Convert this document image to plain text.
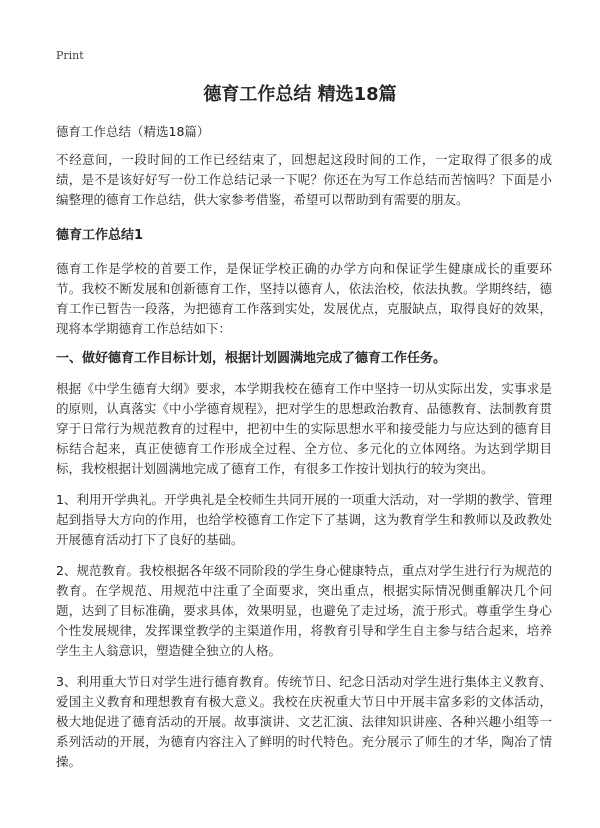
Print
德育工作总结 精选18篇
德育工作总结（精选18篇）

不经意间，一段时间的工作已经结束了，回想起这段时间的工作，一定取得了很多的成绩，是不是该好好写一份工作总结记录一下呢？你还在为写工作总结而苦恼吗？下面是小编整理的德育工作总结，供大家参考借鉴，希望可以帮助到有需要的朋友。

德育工作总结1

德育工作是学校的首要工作，是保证学校正确的办学方向和保证学生健康成长的重要环节。我校不断发展和创新德育工作，坚持以德育人，依法治校，依法执教。学期终结，德育工作已暂告一段落，为把德育工作落到实处，发展优点，克服缺点，取得良好的效果，现将本学期德育工作总结如下：

一、做好德育工作目标计划，根据计划圆满地完成了德育工作任务。

根据《中学生德育大纲》要求，本学期我校在德育工作中坚持一切从实际出发，实事求是的原则，认真落实《中小学德育规程》，把对学生的思想政治教育、品德教育、法制教育贯穿于日常行为规范教育的过程中，把初中生的实际思想水平和接受能力与应达到的德育目标结合起来，真正使德育工作形成全过程、全方位、多元化的立体网络。为达到学期目标，我校根据计划圆满地完成了德育工作，有很多工作按计划执行的较为突出。

1、利用开学典礼。开学典礼是全校师生共同开展的一项重大活动，对一学期的教学、管理起到指导大方向的作用，也给学校德育工作定下了基调，这为教育学生和教师以及政教处开展德育活动打下了良好的基础。

2、规范教育。我校根据各年级不同阶段的学生身心健康特点，重点对学生进行行为规范的教育。在学规范、用规范中注重了全面要求，突出重点，根据实际情况侧重解决几个问题，达到了目标准确，要求具体，效果明显，也避免了走过场，流于形式。尊重学生身心个性发展规律，发挥课堂教学的主渠道作用，将教育引导和学生自主参与结合起来，培养学生主人翁意识，塑造健全独立的人格。

3、利用重大节日对学生进行德育教育。传统节日、纪念日活动对学生进行集体主义教育、爱国主义教育和理想教育有极大意义。我校在庆祝重大节日中开展丰富多彩的文体活动，极大地促进了德育活动的开展。故事演讲、文艺汇演、法律知识讲座、各种兴趣小组等一系列活动的开展，为德育内容注入了鲜明的时代特色。充分展示了师生的才华，陶冶了情操。
